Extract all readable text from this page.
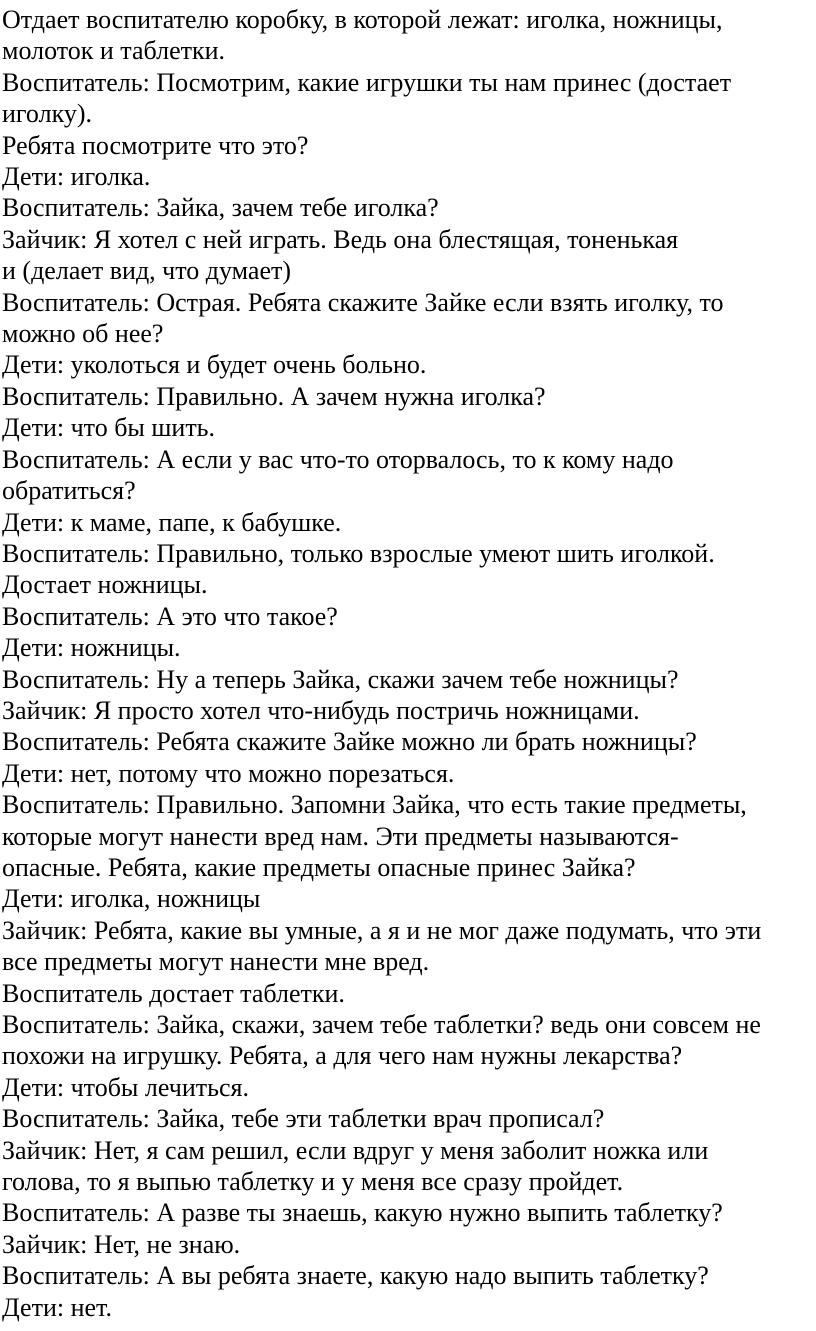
Отдает воспитателю коробку, в которой лежат: иголка, ножницы,
молоток и таблетки.
Воспитатель: Посмотрим, какие игрушки ты нам принес (достает
иголку).
Ребята посмотрите что это?
Дети: иголка.
Воспитатель: Зайка, зачем тебе иголка?
Зайчик: Я хотел с ней играть. Ведь она блестящая, тоненькая
и (делает вид, что думает)
Воспитатель: Острая. Ребята скажите Зайке если взять иголку, то
можно об нее?
Дети: уколоться и будет очень больно.
Воспитатель: Правильно. А зачем нужна иголка?
Дети: что бы шить.
Воспитатель: А если у вас что-то оторвалось, то к кому надо
обратиться?
Дети: к маме, папе, к бабушке.
Воспитатель: Правильно, только взрослые умеют шить иголкой.
Достает ножницы.
Воспитатель: А это что такое?
Дети: ножницы.
Воспитатель: Ну а теперь Зайка, скажи зачем тебе ножницы?
Зайчик: Я просто хотел что-нибудь постричь ножницами.
Воспитатель: Ребята скажите Зайке можно ли брать ножницы?
Дети: нет, потому что можно порезаться.
Воспитатель: Правильно. Запомни Зайка, что есть такие предметы,
которые могут нанести вред нам. Эти предметы называются-
опасные. Ребята, какие предметы опасные принес Зайка?
Дети: иголка, ножницы
Зайчик: Ребята, какие вы умные, а я и не мог даже подумать, что эти
все предметы могут нанести мне вред.
Воспитатель достает таблетки.
Воспитатель: Зайка, скажи, зачем тебе таблетки? ведь они совсем не
похожи на игрушку. Ребята, а для чего нам нужны лекарства?
Дети: чтобы лечиться.
Воспитатель: Зайка, тебе эти таблетки врач прописал?
Зайчик: Нет, я сам решил, если вдруг у меня заболит ножка или
голова, то я выпью таблетку и у меня все сразу пройдет.
Воспитатель: А разве ты знаешь, какую нужно выпить таблетку?
Зайчик: Нет, не знаю.
Воспитатель: А вы ребята знаете, какую надо выпить таблетку?
Дети: нет.
